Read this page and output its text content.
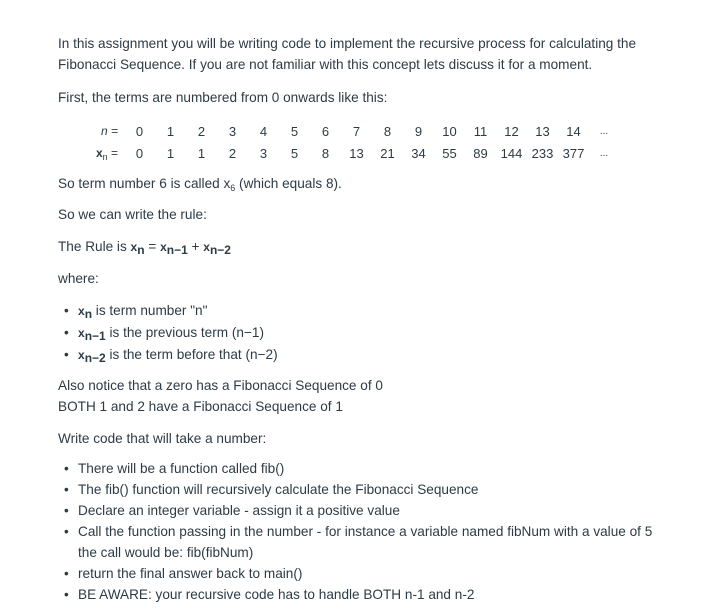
In this assignment you will be writing code to implement the recursive process for calculating the
Fibonacci Sequence. If you are not familiar with this concept lets discuss it for a moment.
First, the terms are numbered from 0 onwards like this:
n =	0	1	2	3	4	5	6	7	8	9	10	11	12	13	14	...
$x_n$ =	0	1	1	2	3	5	8	13	21	34	55	89	144	233	377	...
So term number 6 is called $x_6$ (which equals 8).
So we can write the rule:
The Rule is $x_n = x_{n-1} + x_{n-2}$
where:
• $x_n$ is term number "n"
• $x_{n-1}$ is the previous term (n−1)
• $x_{n-2}$ is the term before that (n−2)
Also notice that a zero has a Fibonacci Sequence of 0
BOTH 1 and 2 have a Fibonacci Sequence of 1
Write code that will take a number:
• There will be a function called fib()
• The fib() function will recursively calculate the Fibonacci Sequence
• Declare an integer variable - assign it a positive value
• Call the function passing in the number - for instance a variable named fibNum with a value of 5
the call would be: fib(fibNum)
• return the final answer back to main()
• BE AWARE: your recursive code has to handle BOTH n-1 and n-2
